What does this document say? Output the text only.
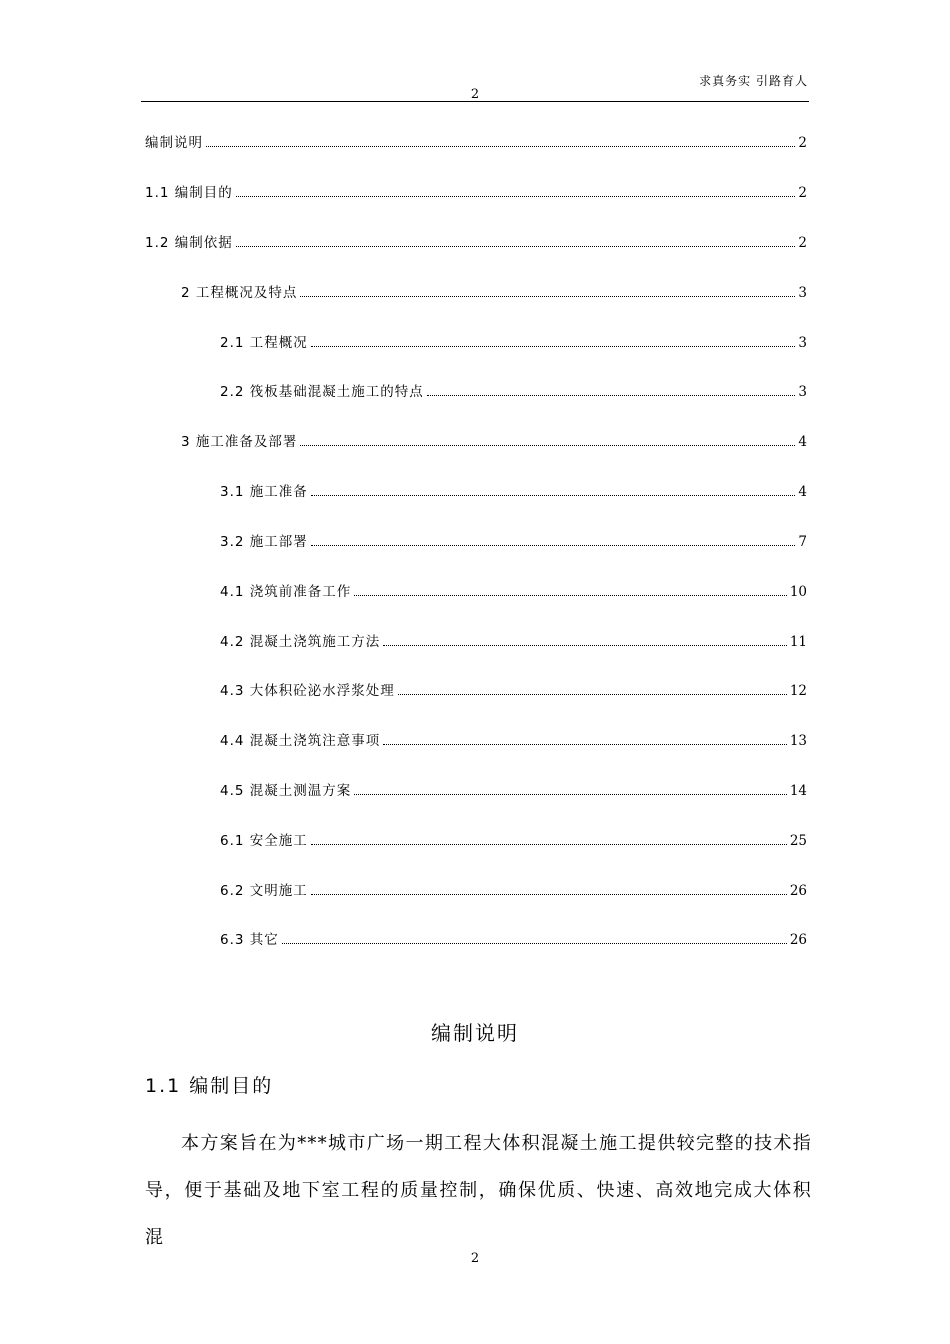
求真务实 引路育人
2
编制说明	2
1.1 编制目的	2
1.2 编制依据	2
2 工程概况及特点	3
2.1 工程概况	3
2.2 筏板基础混凝土施工的特点	3
3 施工准备及部署	4
3.1 施工准备	4
3.2 施工部署	7
4.1 浇筑前准备工作	10
4.2 混凝土浇筑施工方法	11
4.3 大体积砼泌水浮浆处理	12
4.4 混凝土浇筑注意事项	13
4.5 混凝土测温方案	14
6.1 安全施工	25
6.2 文明施工	26
6.3 其它	26
编制说明
1.1 编制目的
本方案旨在为***城市广场一期工程大体积混凝土施工提供较完整的技术指导，便于基础及地下室工程的质量控制，确保优质、快速、高效地完成大体积混
2
